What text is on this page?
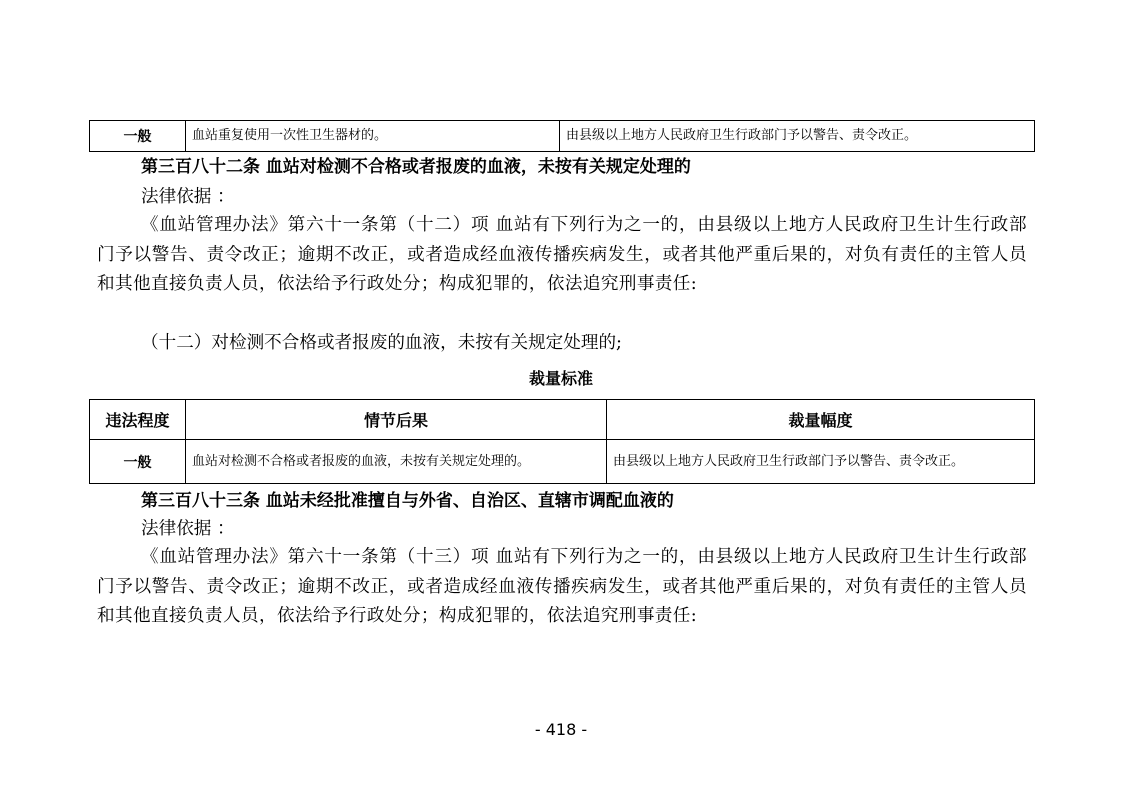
一般	血站重复使用一次性卫生器材的。	由县级以上地方人民政府卫生行政部门予以警告、责令改正。

第三百八十二条 血站对检测不合格或者报废的血液，未按有关规定处理的

法律依据 ：

《血站管理办法》第六十一条第（十二）项 血站有下列行为之一的，由县级以上地方人民政府卫生计生行政部门予以警告、责令改正；逾期不改正，或者造成经血液传播疾病发生，或者其他严重后果的，对负有责任的主管人员和其他直接负责人员，依法给予行政处分；构成犯罪的，依法追究刑事责任:

（十二）对检测不合格或者报废的血液，未按有关规定处理的;

裁量标准

违法程度	情节后果	裁量幅度
一般	血站对检测不合格或者报废的血液，未按有关规定处理的。	由县级以上地方人民政府卫生行政部门予以警告、责令改正。

第三百八十三条 血站未经批准擅自与外省、自治区、直辖市调配血液的

法律依据 ：

《血站管理办法》第六十一条第（十三）项 血站有下列行为之一的，由县级以上地方人民政府卫生计生行政部门予以警告、责令改正；逾期不改正，或者造成经血液传播疾病发生，或者其他严重后果的，对负有责任的主管人员和其他直接负责人员，依法给予行政处分；构成犯罪的，依法追究刑事责任:

- 418 -
